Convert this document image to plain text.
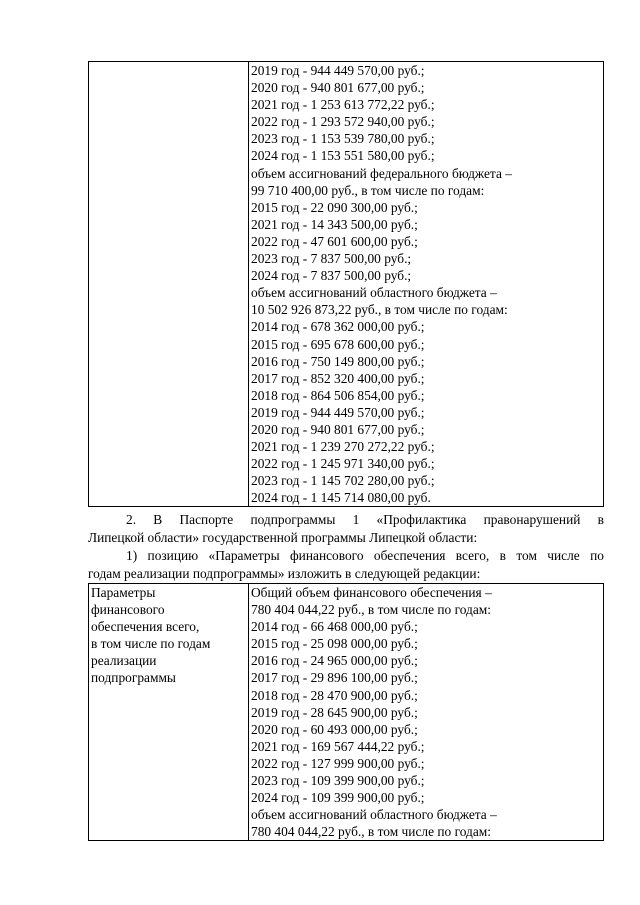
2019 год - 944 449 570,00 руб.;
2020 год - 940 801 677,00 руб.;
2021 год - 1 253 613 772,22 руб.;
2022 год - 1 293 572 940,00 руб.;
2023 год - 1 153 539 780,00 руб.;
2024 год - 1 153 551 580,00 руб.;
объем ассигнований федерального бюджета –
99 710 400,00 руб., в том числе по годам:
2015 год - 22 090 300,00 руб.;
2021 год - 14 343 500,00 руб.;
2022 год - 47 601 600,00 руб.;
2023 год - 7 837 500,00 руб.;
2024 год - 7 837 500,00 руб.;
объем ассигнований областного бюджета –
10 502 926 873,22 руб., в том числе по годам:
2014 год - 678 362 000,00 руб.;
2015 год - 695 678 600,00 руб.;
2016 год - 750 149 800,00 руб.;
2017 год - 852 320 400,00 руб.;
2018 год - 864 506 854,00 руб.;
2019 год - 944 449 570,00 руб.;
2020 год - 940 801 677,00 руб.;
2021 год - 1 239 270 272,22 руб.;
2022 год - 1 245 971 340,00 руб.;
2023 год - 1 145 702 280,00 руб.;
2024 год - 1 145 714 080,00 руб.
2. В Паспорте подпрограммы 1 «Профилактика правонарушений в
Липецкой области» государственной программы Липецкой области:
1) позицию «Параметры финансового обеспечения всего, в том числе по
годам реализации подпрограммы» изложить в следующей редакции:
Параметры
финансового
обеспечения всего,
в том числе по годам
реализации
подпрограммы
Общий объем финансового обеспечения –
780 404 044,22 руб., в том числе по годам:
2014 год - 66 468 000,00 руб.;
2015 год - 25 098 000,00 руб.;
2016 год - 24 965 000,00 руб.;
2017 год - 29 896 100,00 руб.;
2018 год - 28 470 900,00 руб.;
2019 год - 28 645 900,00 руб.;
2020 год - 60 493 000,00 руб.;
2021 год - 169 567 444,22 руб.;
2022 год - 127 999 900,00 руб.;
2023 год - 109 399 900,00 руб.;
2024 год - 109 399 900,00 руб.;
объем ассигнований областного бюджета –
780 404 044,22 руб., в том числе по годам:
